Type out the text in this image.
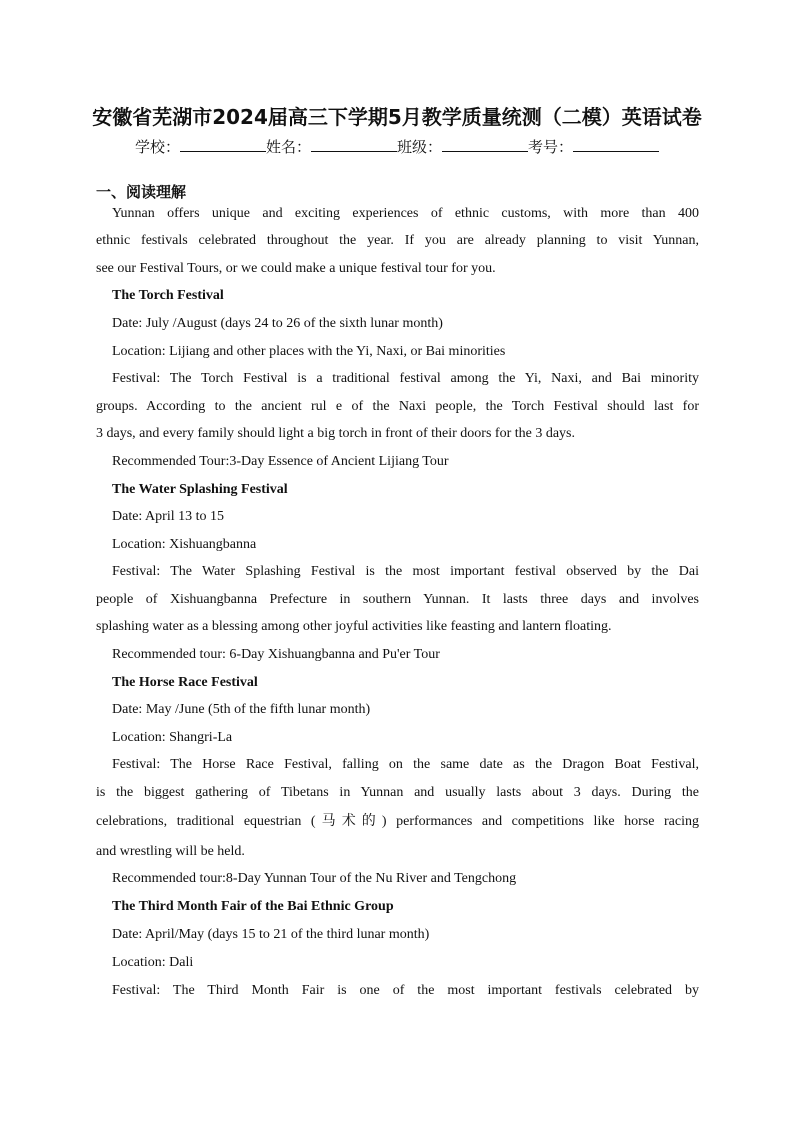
安徽省芜湖市2024届高三下学期5月教学质量统测（二模）英语试卷
学校：	姓名：	班级：	考号：
一、阅读理解
Yunnan offers unique and exciting experiences of ethnic customs, with more than 400
ethnic festivals celebrated throughout the year. If you are already planning to visit Yunnan,
see our Festival Tours, or we could make a unique festival tour for you.
The Torch Festival
Date: July /August (days 24 to 26 of the sixth lunar month)
Location: Lijiang and other places with the Yi, Naxi, or Bai minorities
Festival: The Torch Festival is a traditional festival among the Yi, Naxi, and Bai minority
groups. According to the ancient rul e of the Naxi people, the Torch Festival should last for
3 days, and every family should light a big torch in front of their doors for the 3 days.
Recommended Tour:3-Day Essence of Ancient Lijiang Tour
The Water Splashing Festival
Date: April 13 to 15
Location: Xishuangbanna
Festival: The Water Splashing Festival is the most important festival observed by the Dai
people of Xishuangbanna Prefecture in southern Yunnan. It lasts three days and involves
splashing water as a blessing among other joyful activities like feasting and lantern floating.
Recommended tour: 6-Day Xishuangbanna and Pu'er Tour
The Horse Race Festival
Date: May /June (5th of the fifth lunar month)
Location: Shangri-La
Festival: The Horse Race Festival, falling on the same date as the Dragon Boat Festival,
is the biggest gathering of Tibetans in Yunnan and usually lasts about 3 days. During the
celebrations, traditional equestrian (马术的) performances and competitions like horse racing
and wrestling will be held.
Recommended tour:8-Day Yunnan Tour of the Nu River and Tengchong
The Third Month Fair of the Bai Ethnic Group
Date: April/May (days 15 to 21 of the third lunar month)
Location: Dali
Festival: The Third Month Fair is one of the most important festivals celebrated by
